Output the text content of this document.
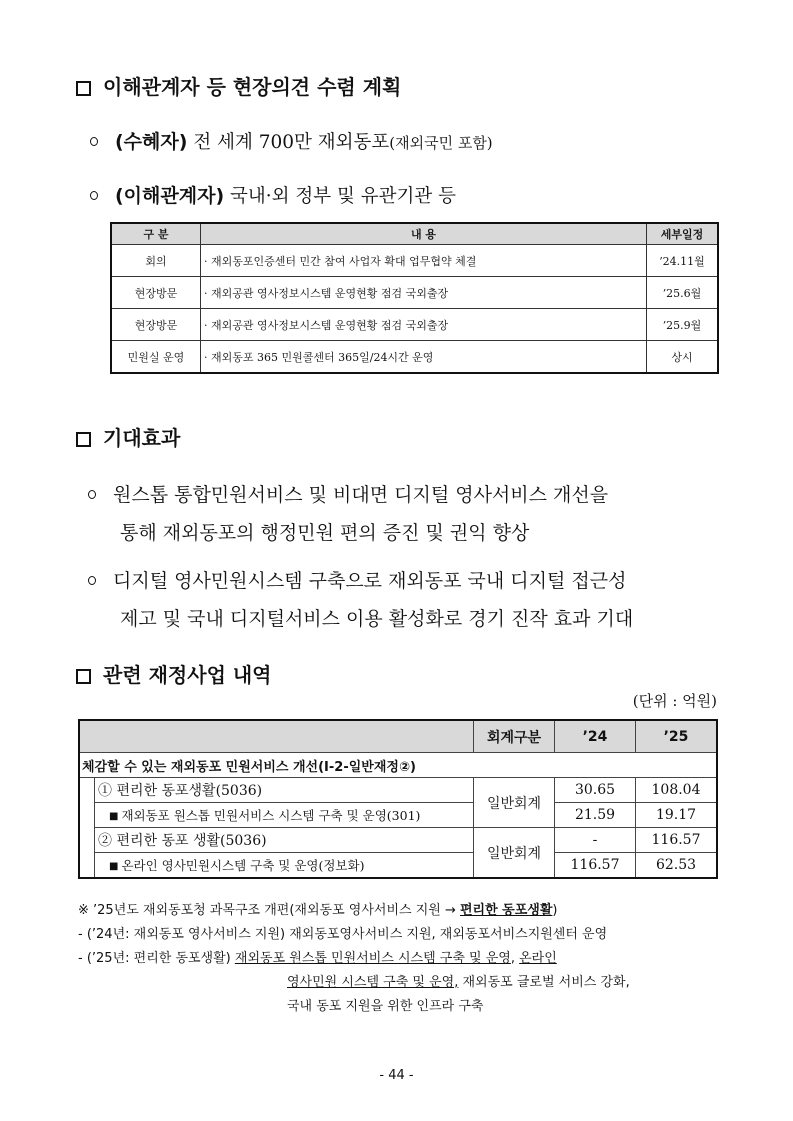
이해관계자 등 현장의견 수렴 계획
(수혜자) 전 세계 700만 재외동포(재외국민 포함)
(이해관계자) 국내·외 정부 및 유관기관 등
구 분	내 용	세부일정
회의	· 재외동포인증센터 민간 참여 사업자 확대 업무협약 체결	’24.11월
현장방문	· 재외공관 영사정보시스템 운영현황 점검 국외출장	’25.6월
현장방문	· 재외공관 영사정보시스템 운영현황 점검 국외출장	’25.9월
민원실 운영	· 재외동포 365 민원콜센터 365일/24시간 운영	상시
기대효과
원스톱 통합민원서비스 및 비대면 디지털 영사서비스 개선을
통해 재외동포의 행정민원 편의 증진 및 권익 향상
디지털 영사민원시스템 구축으로 재외동포 국내 디지털 접근성
제고 및 국내 디지털서비스 이용 활성화로 경기 진작 효과 기대
관련 재정사업 내역
(단위 : 억원)
		회계구분	’24	’25
체감할 수 있는 재외동포 민원서비스 개선(Ⅰ-2-일반재정②)				
	① 편리한 동포생활(5036)	일반회계	30.65	108.04
	■ 재외동포 원스톱 민원서비스 시스템 구축 및 운영(301)		21.59	19.17
	② 편리한 동포 생활(5036)	일반회계	-	116.57
	■ 온라인 영사민원시스템 구축 및 운영(정보화)		116.57	62.53
※ ’25년도 재외동포청 과목구조 개편(재외동포 영사서비스 지원 → 편리한 동포생활)
- (’24년: 재외동포 영사서비스 지원) 재외동포영사서비스 지원, 재외동포서비스지원센터 운영
- (’25년: 편리한 동포생활) 재외동포 원스톱 민원서비스 시스템 구축 및 운영, 온라인
영사민원 시스템 구축 및 운영, 재외동포 글로벌 서비스 강화,
국내 동포 지원을 위한 인프라 구축
- 44 -
